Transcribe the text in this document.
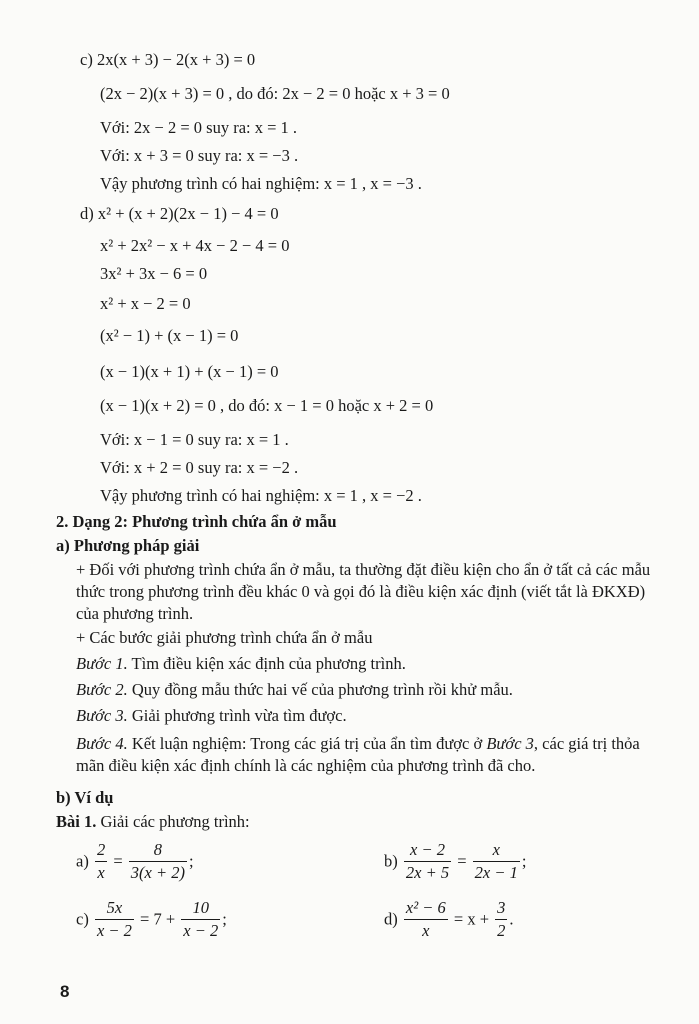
c) 2x(x + 3) − 2(x + 3) = 0
(2x − 2)(x + 3) = 0 , do đó: 2x − 2 = 0 hoặc x + 3 = 0
Với: 2x − 2 = 0 suy ra: x = 1 .
Với: x + 3 = 0 suy ra: x = −3 .
Vậy phương trình có hai nghiệm: x = 1 , x = −3 .
d) x² + (x + 2)(2x − 1) − 4 = 0
x² + 2x² − x + 4x − 2 − 4 = 0
3x² + 3x − 6 = 0
x² + x − 2 = 0
(x² − 1) + (x − 1) = 0
(x − 1)(x + 1) + (x − 1) = 0
(x − 1)(x + 2) = 0 , do đó: x − 1 = 0 hoặc x + 2 = 0
Với: x − 1 = 0 suy ra: x = 1 .
Với: x + 2 = 0 suy ra: x = −2 .
Vậy phương trình có hai nghiệm: x = 1 , x = −2 .
2. Dạng 2: Phương trình chứa ẩn ở mẫu
a) Phương pháp giải
+ Đối với phương trình chứa ẩn ở mẫu, ta thường đặt điều kiện cho ẩn ở tất cả các mẫu thức trong phương trình đều khác 0 và gọi đó là điều kiện xác định (viết tắt là ĐKXĐ) của phương trình.
+ Các bước giải phương trình chứa ẩn ở mẫu
Bước 1. Tìm điều kiện xác định của phương trình.
Bước 2. Quy đồng mẫu thức hai vế của phương trình rồi khử mẫu.
Bước 3. Giải phương trình vừa tìm được.
Bước 4. Kết luận nghiệm: Trong các giá trị của ẩn tìm được ở Bước 3, các giá trị thỏa mãn điều kiện xác định chính là các nghiệm của phương trình đã cho.
b) Ví dụ
Bài 1. Giải các phương trình:
$a) \frac{2}{x} = \frac{8}{3(x + 2)}$ ;	$b) \frac{x - 2}{2x + 5} = \frac{x}{2x - 1}$ ;
$c) \frac{5x}{x - 2} = 7 + \frac{10}{x - 2}$ ;	$d) \frac{\text{x² − 6}}{x} = x + \frac{3}{2}$ .
8
